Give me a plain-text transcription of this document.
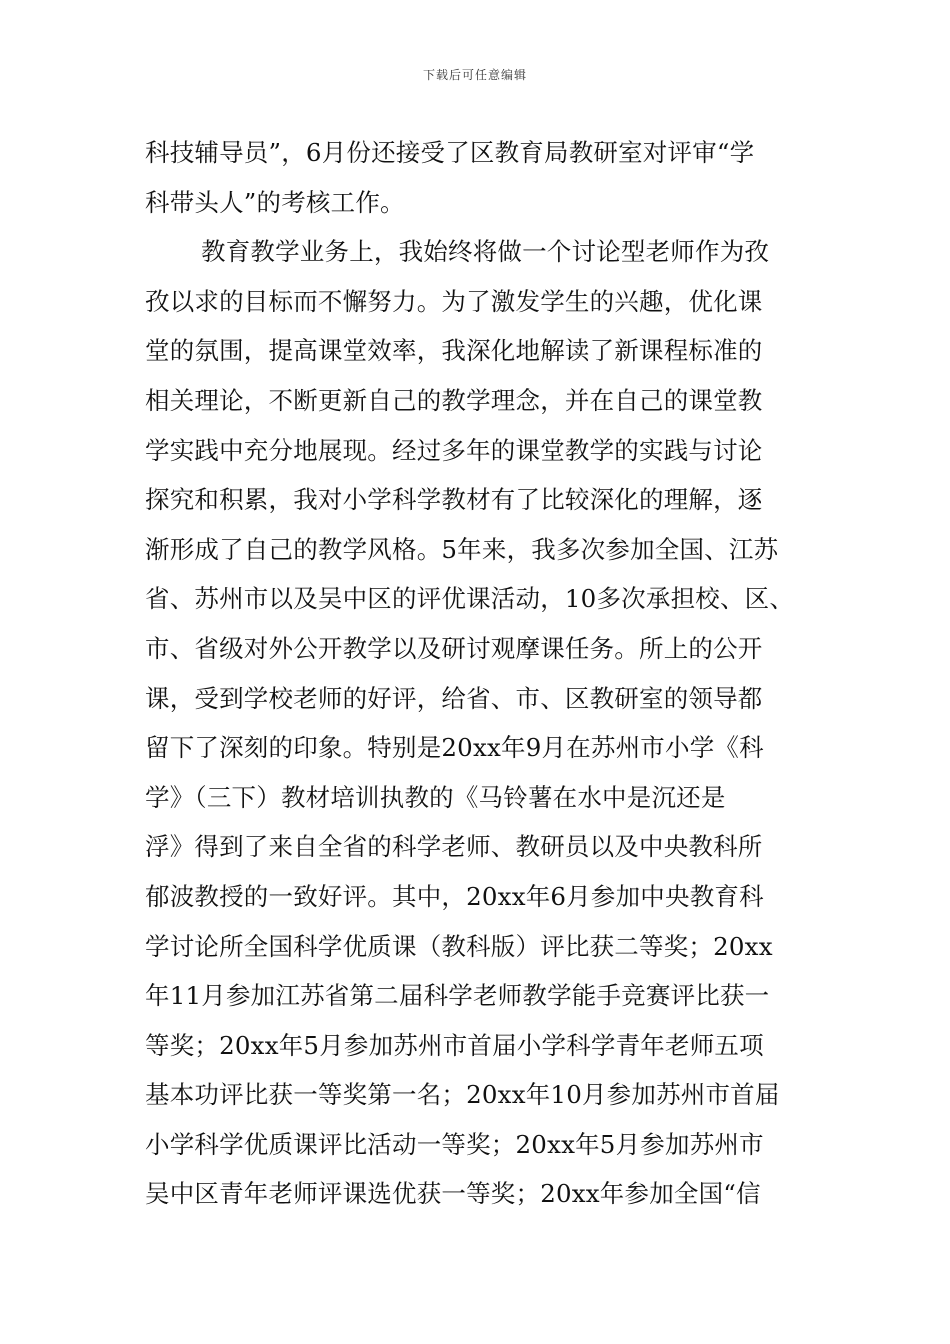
下载后可任意编辑
科技辅导员”，6月份还接受了区教育局教研室对评审“学
科带头人”的考核工作。
教育教学业务上，我始终将做一个讨论型老师作为孜
孜以求的目标而不懈努力。为了激发学生的兴趣，优化课
堂的氛围，提高课堂效率，我深化地解读了新课程标准的
相关理论，不断更新自己的教学理念，并在自己的课堂教
学实践中充分地展现。经过多年的课堂教学的实践与讨论
探究和积累，我对小学科学教材有了比较深化的理解，逐
渐形成了自己的教学风格。5年来，我多次参加全国、江苏
省、苏州市以及吴中区的评优课活动，10多次承担校、区、
市、省级对外公开教学以及研讨观摩课任务。所上的公开
课，受到学校老师的好评，给省、市、区教研室的领导都
留下了深刻的印象。特别是20xx年9月在苏州市小学《科
学》（三下）教材培训执教的《马铃薯在水中是沉还是
浮》得到了来自全省的科学老师、教研员以及中央教科所
郁波教授的一致好评。其中，20xx年6月参加中央教育科
学讨论所全国科学优质课（教科版）评比获二等奖；20xx
年11月参加江苏省第二届科学老师教学能手竞赛评比获一
等奖；20xx年5月参加苏州市首届小学科学青年老师五项
基本功评比获一等奖第一名；20xx年10月参加苏州市首届
小学科学优质课评比活动一等奖；20xx年5月参加苏州市
吴中区青年老师评课选优获一等奖；20xx年参加全国“信
